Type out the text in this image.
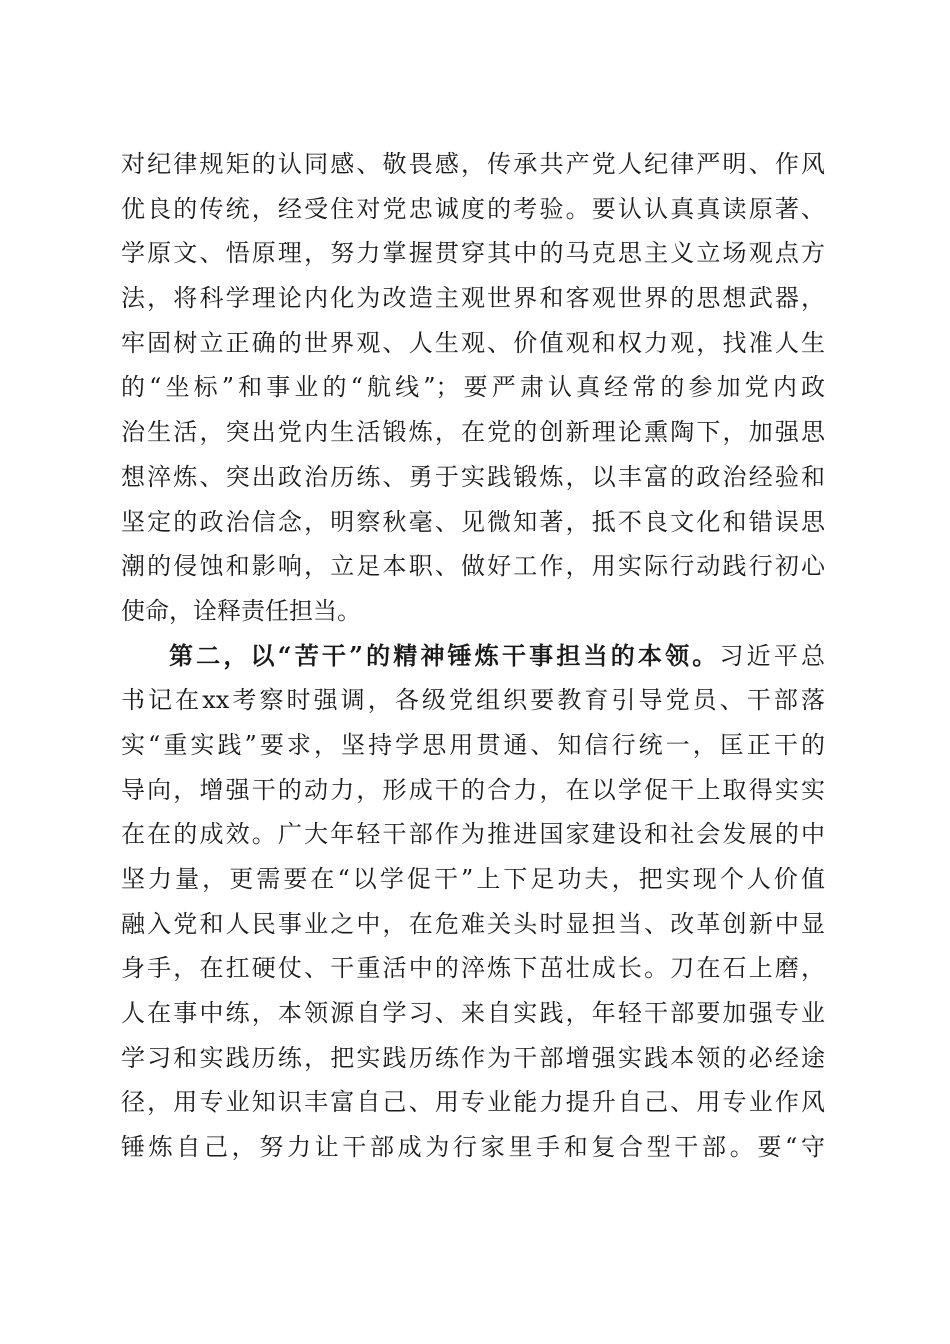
对纪律规矩的认同感、敬畏感，传承共产党人纪律严明、作风
优良的传统，经受住对党忠诚度的考验。要认认真真读原著、
学原文、悟原理，努力掌握贯穿其中的马克思主义立场观点方
法，将科学理论内化为改造主观世界和客观世界的思想武器，
牢固树立正确的世界观、人生观、价值观和权力观，找准人生
的“坐标”和事业的“航线”；要严肃认真经常的参加党内政
治生活，突出党内生活锻炼，在党的创新理论熏陶下，加强思
想淬炼、突出政治历练、勇于实践锻炼，以丰富的政治经验和
坚定的政治信念，明察秋毫、见微知著，抵不良文化和错误思
潮的侵蚀和影响，立足本职、做好工作，用实际行动践行初心
使命，诠释责任担当。
第二，以“苦干”的精神锤炼干事担当的本领。习近平总
书记在xx考察时强调，各级党组织要教育引导党员、干部落
实“重实践”要求，坚持学思用贯通、知信行统一，匡正干的
导向，增强干的动力，形成干的合力，在以学促干上取得实实
在在的成效。广大年轻干部作为推进国家建设和社会发展的中
坚力量，更需要在“以学促干”上下足功夫，把实现个人价值
融入党和人民事业之中，在危难关头时显担当、改革创新中显
身手，在扛硬仗、干重活中的淬炼下茁壮成长。刀在石上磨，
人在事中练，本领源自学习、来自实践，年轻干部要加强专业
学习和实践历练，把实践历练作为干部增强实践本领的必经途
径，用专业知识丰富自己、用专业能力提升自己、用专业作风
锤炼自己，努力让干部成为行家里手和复合型干部。要“守
